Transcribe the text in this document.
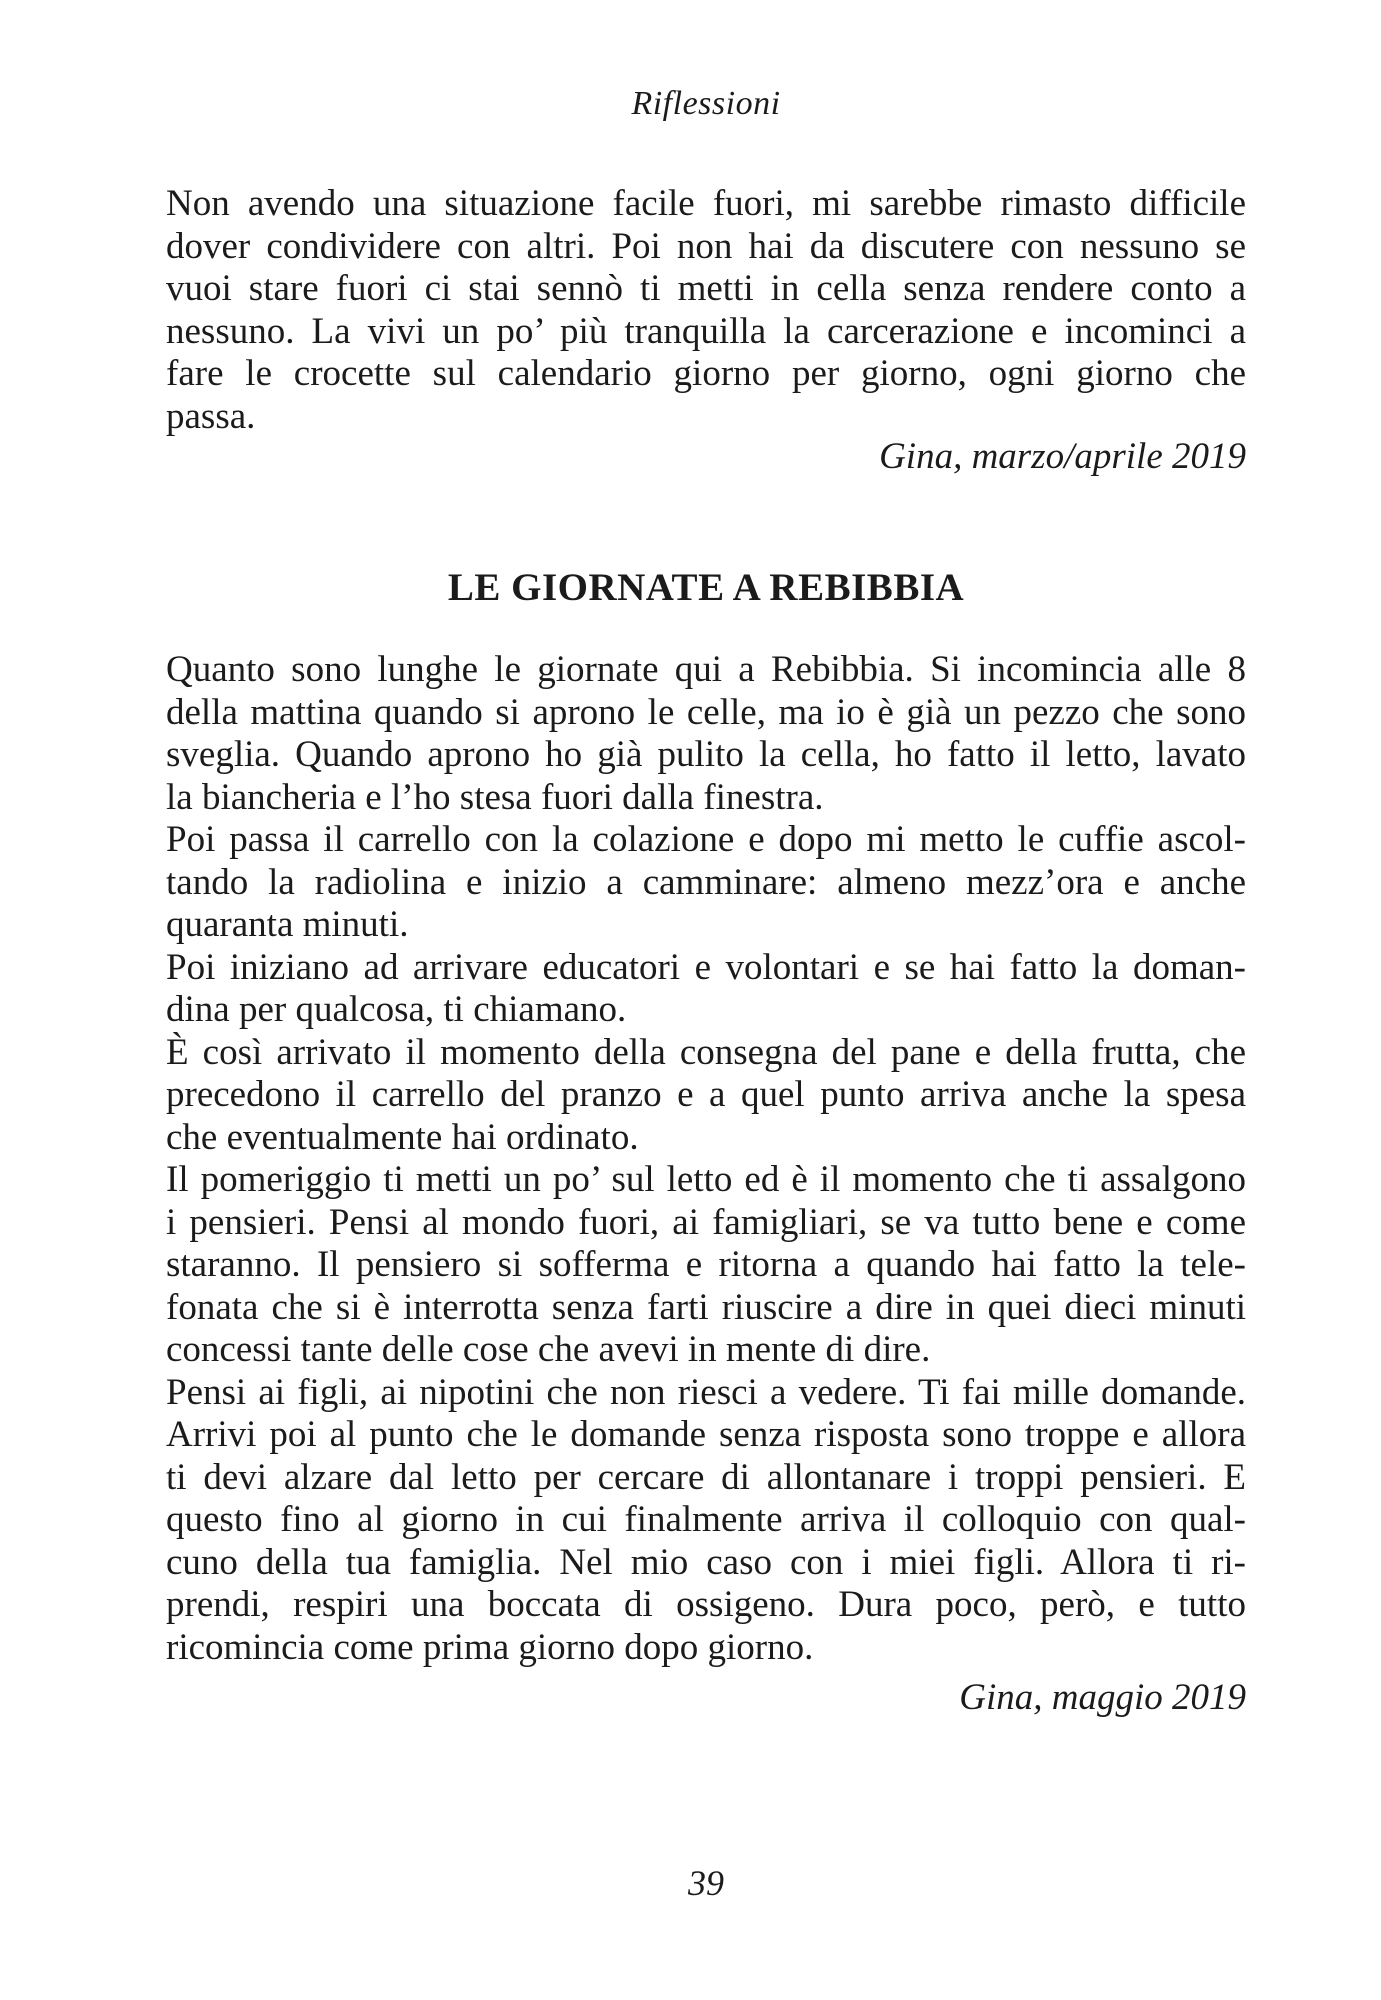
Riflessioni
Non avendo una situazione facile fuori, mi sarebbe rimasto difficile
dover condividere con altri. Poi non hai da discutere con nessuno se
vuoi stare fuori ci stai sennò ti metti in cella senza rendere conto a
nessuno. La vivi un po’ più tranquilla la carcerazione e incominci a
fare le crocette sul calendario giorno per giorno, ogni giorno che
passa.
Gina, marzo/aprile 2019
LE GIORNATE A REBIBBIA
Quanto sono lunghe le giornate qui a Rebibbia. Si incomincia alle 8
della mattina quando si aprono le celle, ma io è già un pezzo che sono
sveglia. Quando aprono ho già pulito la cella, ho fatto il letto, lavato
la biancheria e l’ho stesa fuori dalla finestra.
Poi passa il carrello con la colazione e dopo mi metto le cuffie ascol-
tando la radiolina e inizio a camminare: almeno mezz’ora e anche
quaranta minuti.
Poi iniziano ad arrivare educatori e volontari e se hai fatto la doman-
dina per qualcosa, ti chiamano.
È così arrivato il momento della consegna del pane e della frutta, che
precedono il carrello del pranzo e a quel punto arriva anche la spesa
che eventualmente hai ordinato.
Il pomeriggio ti metti un po’ sul letto ed è il momento che ti assalgono
i pensieri. Pensi al mondo fuori, ai famigliari, se va tutto bene e come
staranno. Il pensiero si sofferma e ritorna a quando hai fatto la tele-
fonata che si è interrotta senza farti riuscire a dire in quei dieci minuti
concessi tante delle cose che avevi in mente di dire.
Pensi ai figli, ai nipotini che non riesci a vedere. Ti fai mille domande.
Arrivi poi al punto che le domande senza risposta sono troppe e allora
ti devi alzare dal letto per cercare di allontanare i troppi pensieri. E
questo fino al giorno in cui finalmente arriva il colloquio con qual-
cuno della tua famiglia. Nel mio caso con i miei figli. Allora ti ri-
prendi, respiri una boccata di ossigeno. Dura poco, però, e tutto
ricomincia come prima giorno dopo giorno.
Gina, maggio 2019
39
